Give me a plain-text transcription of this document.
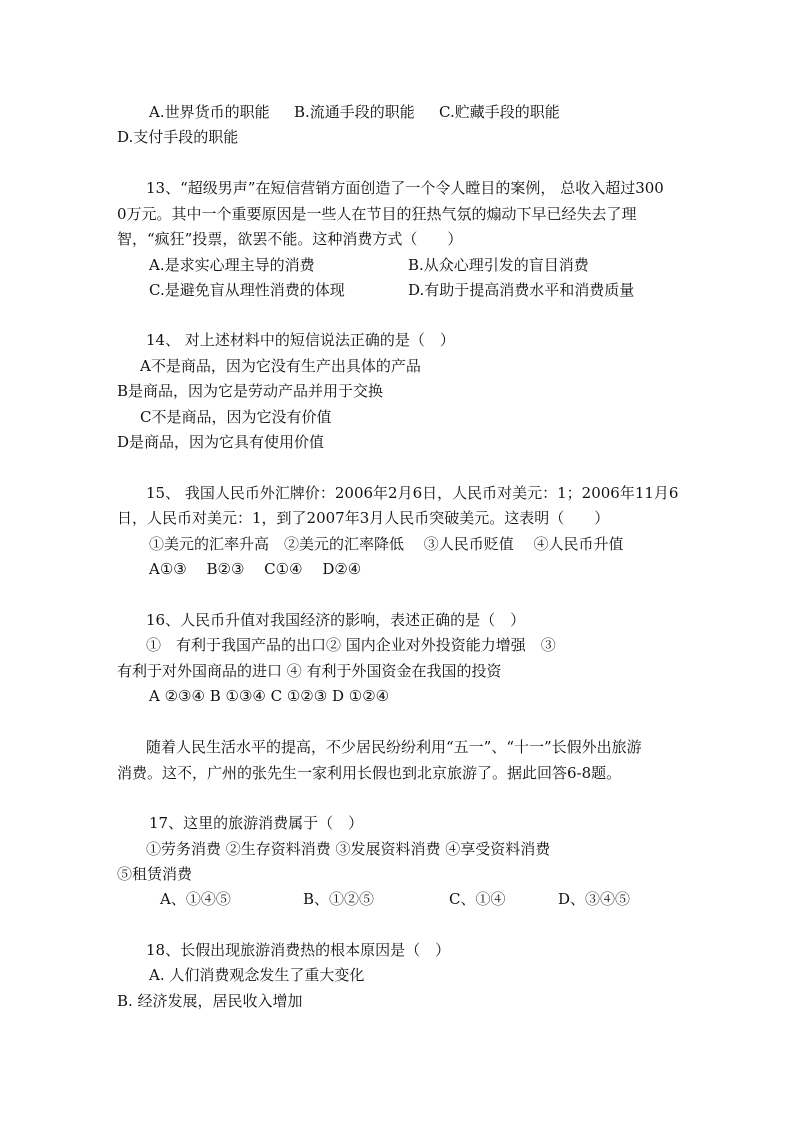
A.世界货币的职能 B.流通手段的职能 C.贮藏手段的职能
D.支付手段的职能
13、“超级男声”在短信营销方面创造了一个令人瞠目的案例， 总收入超过300
0万元。其中一个重要原因是一些人在节目的狂热气氛的煽动下早已经失去了理
智，“疯狂”投票，欲罢不能。这种消费方式（　　）
A.是求实心理主导的消费	B.从众心理引发的盲目消费
C.是避免盲从理性消费的体现	D.有助于提高消费水平和消费质量
14、 对上述材料中的短信说法正确的是（　）
A不是商品，因为它没有生产出具体的产品
B是商品，因为它是劳动产品并用于交换
C不是商品，因为它没有价值
D是商品，因为它具有使用价值
15、 我国人民币外汇牌价：2006年2月6日，人民币对美元：1；2006年11月6
日，人民币对美元：1，到了2007年3月人民币突破美元。这表明（　　）
①美元的汇率升高　②美元的汇率降低　 ③人民币贬值　 ④人民币升值
A①③　 B②③　 C①④　 D②④
16、人民币升值对我国经济的影响，表述正确的是（　）
①　有利于我国产品的出口② 国内企业对外投资能力增强　③
有利于对外国商品的进口 ④ 有利于外国资金在我国的投资
A ②③④ B ①③④ C ①②③ D ①②④
随着人民生活水平的提高，不少居民纷纷利用“五一”、“十一”长假外出旅游
消费。这不，广州的张先生一家利用长假也到北京旅游了。据此回答6-8题。
17、这里的旅游消费属于（　）
①劳务消费 ②生存资料消费 ③发展资料消费 ④享受资料消费
⑤租赁消费
A、①④⑤	B、①②⑤	C、①④	D、③④⑤
18、长假出现旅游消费热的根本原因是（　）
A. 人们消费观念发生了重大变化
B. 经济发展，居民收入增加
